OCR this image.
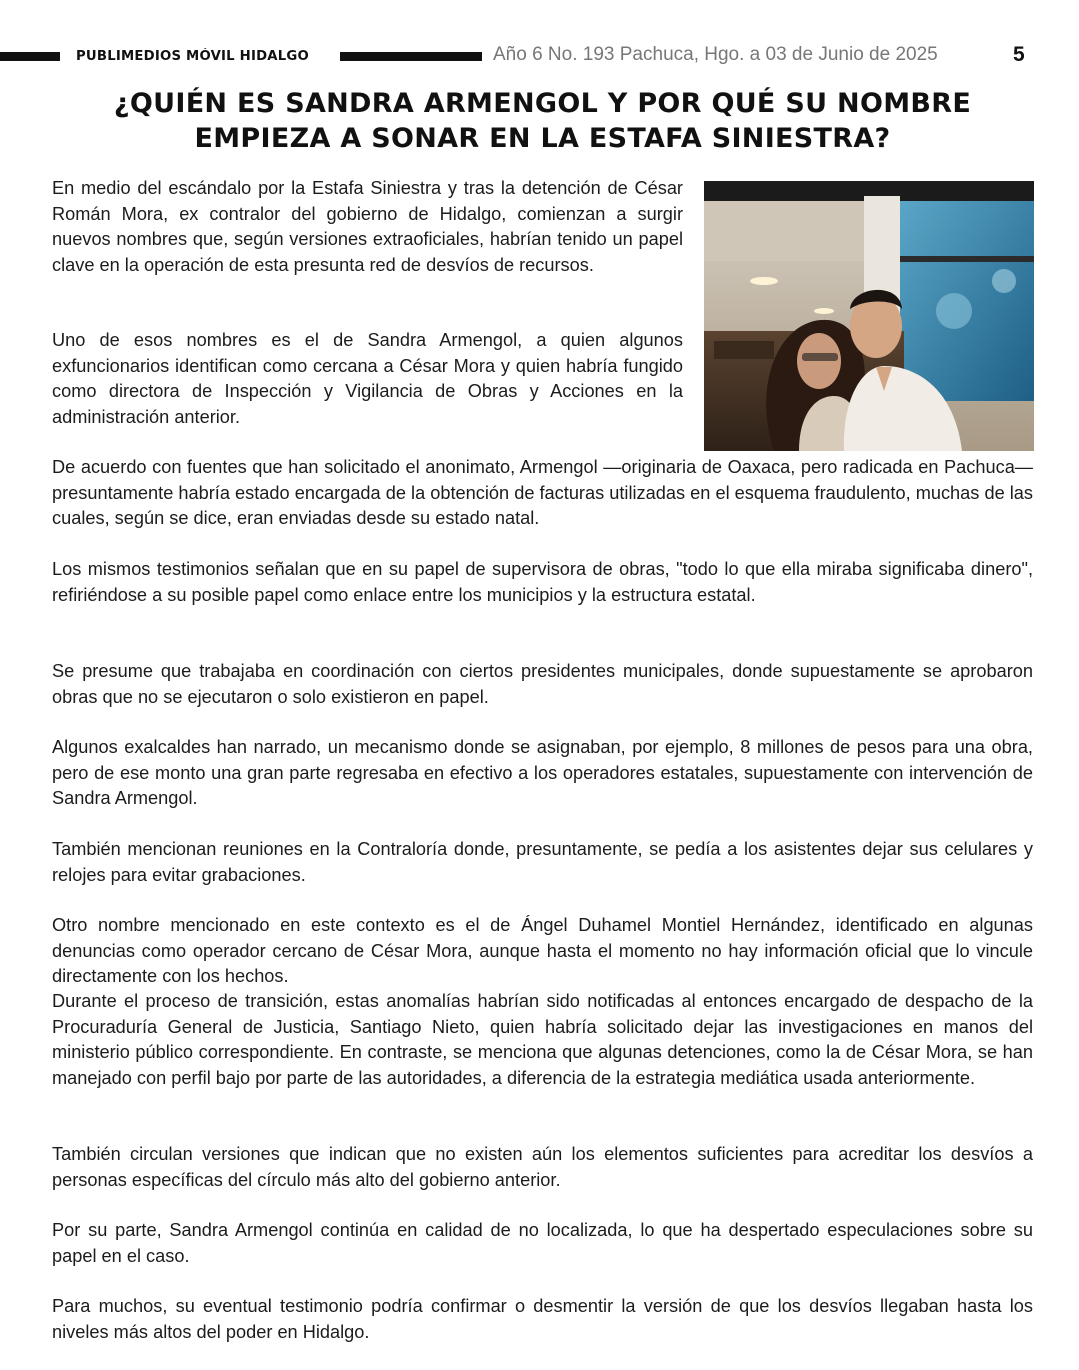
PUBLIMEDIOS MÓVIL HIDALGO	Año 6 No. 193 Pachuca, Hgo. a 03 de Junio de 2025	5
¿QUIÉN ES SANDRA ARMENGOL Y POR QUÉ SU NOMBRE
EMPIEZA A SONAR EN LA ESTAFA SINIESTRA?
En medio del escándalo por la Estafa Siniestra y tras la detención de César Román Mora, ex contralor del gobierno de Hidalgo, comienzan a surgir nuevos nombres que, según versiones extraoficiales, habrían tenido un papel clave en la operación de esta presunta red de desvíos de recursos.
Uno de esos nombres es el de Sandra Armengol, a quien algunos exfuncionarios identifican como cercana a César Mora y quien habría fungido como directora de Inspección y Vigilancia de Obras y Acciones en la administración anterior.
De acuerdo con fuentes que han solicitado el anonimato, Armengol —originaria de Oaxaca, pero radicada en Pachuca— presuntamente habría estado encargada de la obtención de facturas utilizadas en el esquema fraudulento, muchas de las cuales, según se dice, eran enviadas desde su estado natal.
Los mismos testimonios señalan que en su papel de supervisora de obras, "todo lo que ella miraba significaba dinero", refiriéndose a su posible papel como enlace entre los municipios y la estructura estatal.
Se presume que trabajaba en coordinación con ciertos presidentes municipales, donde supuestamente se aprobaron obras que no se ejecutaron o solo existieron en papel.
Algunos exalcaldes han narrado, un mecanismo donde se asignaban, por ejemplo, 8 millones de pesos para una obra, pero de ese monto una gran parte regresaba en efectivo a los operadores estatales, supuestamente con intervención de Sandra Armengol.
También mencionan reuniones en la Contraloría donde, presuntamente, se pedía a los asistentes dejar sus celulares y relojes para evitar grabaciones.
Otro nombre mencionado en este contexto es el de Ángel Duhamel Montiel Hernández, identificado en algunas denuncias como operador cercano de César Mora, aunque hasta el momento no hay información oficial que lo vincule directamente con los hechos.
Durante el proceso de transición, estas anomalías habrían sido notificadas al entonces encargado de despacho de la Procuraduría General de Justicia, Santiago Nieto, quien habría solicitado dejar las investigaciones en manos del ministerio público correspondiente. En contraste, se menciona que algunas detenciones, como la de César Mora, se han manejado con perfil bajo por parte de las autoridades, a diferencia de la estrategia mediática usada anteriormente.
También circulan versiones que indican que no existen aún los elementos suficientes para acreditar los desvíos a personas específicas del círculo más alto del gobierno anterior.
Por su parte, Sandra Armengol continúa en calidad de no localizada, lo que ha despertado especulaciones sobre su papel en el caso.
Para muchos, su eventual testimonio podría confirmar o desmentir la versión de que los desvíos llegaban hasta los niveles más altos del poder en Hidalgo.
